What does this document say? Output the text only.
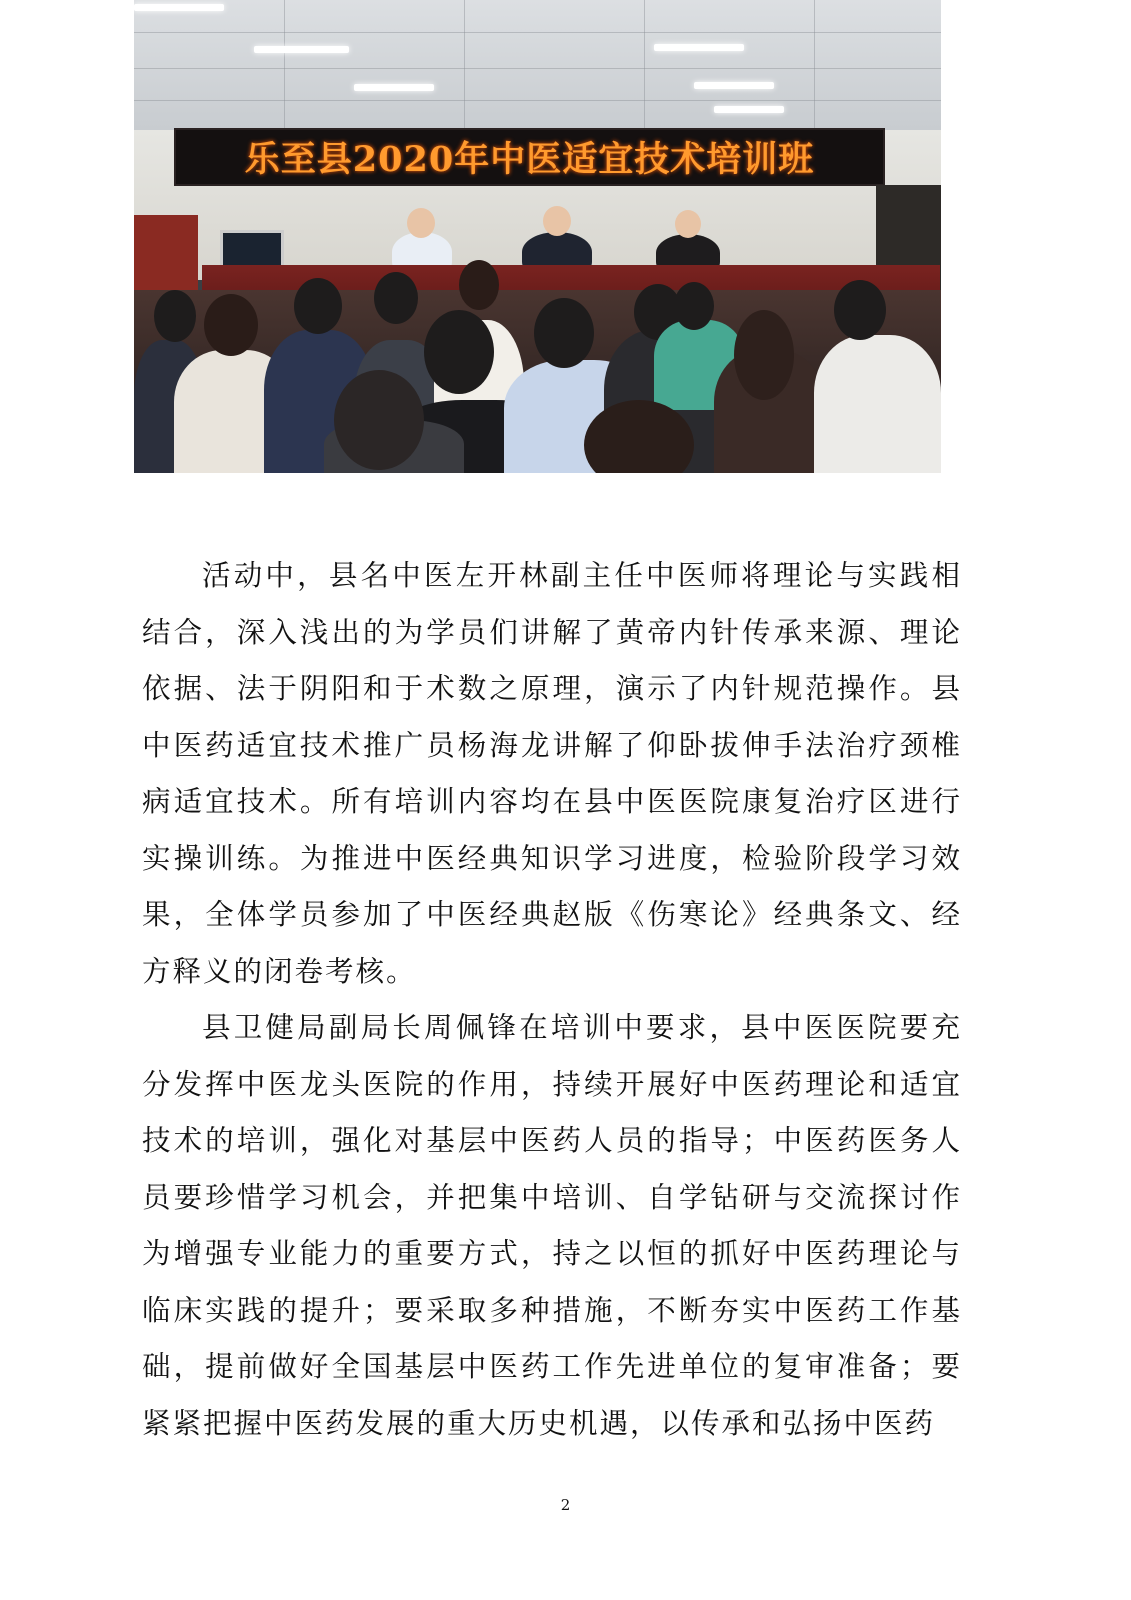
乐至县2020年中医适宜技术培训班

活动中，县名中医左开林副主任中医师将理论与实践相结合，深入浅出的为学员们讲解了黄帝内针传承来源、理论依据、法于阴阳和于术数之原理，演示了内针规范操作。县中医药适宜技术推广员杨海龙讲解了仰卧拔伸手法治疗颈椎病适宜技术。所有培训内容均在县中医医院康复治疗区进行实操训练。为推进中医经典知识学习进度，检验阶段学习效果，全体学员参加了中医经典赵版《伤寒论》经典条文、经方释义的闭卷考核。

县卫健局副局长周佩锋在培训中要求，县中医医院要充分发挥中医龙头医院的作用，持续开展好中医药理论和适宜技术的培训，强化对基层中医药人员的指导；中医药医务人员要珍惜学习机会，并把集中培训、自学钻研与交流探讨作为增强专业能力的重要方式，持之以恒的抓好中医药理论与临床实践的提升；要采取多种措施，不断夯实中医药工作基础，提前做好全国基层中医药工作先进单位的复审准备；要紧紧把握中医药发展的重大历史机遇，以传承和弘扬中医药

2
